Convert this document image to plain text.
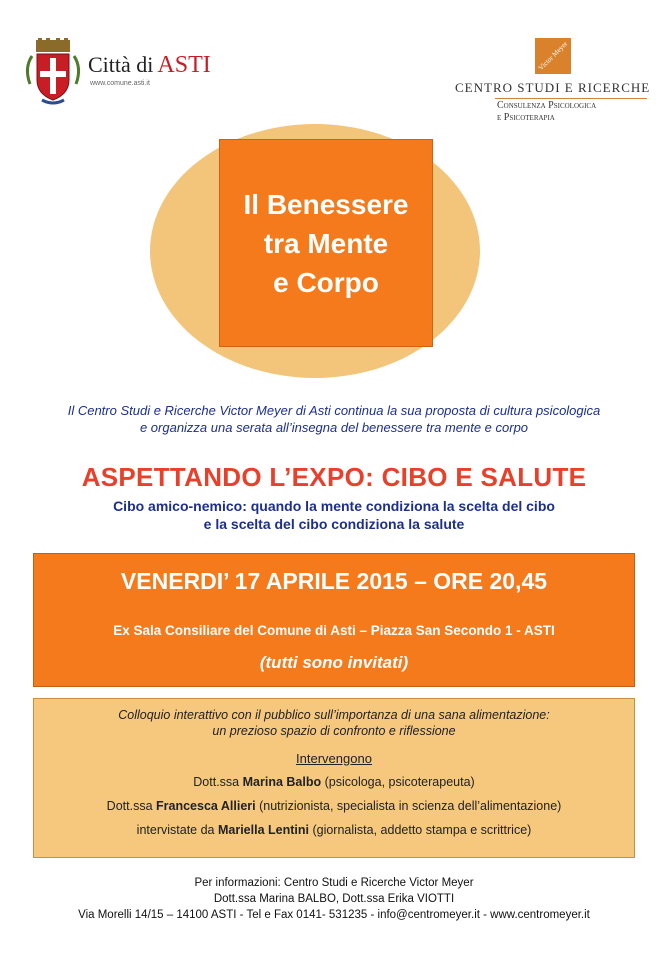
Città di ASTI
www.comune.asti.it
Victor Meyer
CENTRO STUDI E RICERCHE
Consulenza Psicologica
e Psicoterapia
Il Benessere
tra Mente
e Corpo
Il Centro Studi e Ricerche Victor Meyer di Asti continua la sua proposta di cultura psicologica
e organizza una serata all’insegna del benessere tra mente e corpo
ASPETTANDO L’EXPO: CIBO E SALUTE
Cibo amico-nemico: quando la mente condiziona la scelta del cibo
e la scelta del cibo condiziona la salute
VENERDI’ 17 APRILE 2015 – ORE 20,45
Ex Sala Consiliare del Comune di Asti – Piazza San Secondo 1 - ASTI
(tutti sono invitati)
Colloquio interattivo con il pubblico sull’importanza di una sana alimentazione:
un prezioso spazio di confronto e riflessione
Intervengono
Dott.ssa Marina Balbo (psicologa, psicoterapeuta)
Dott.ssa Francesca Allieri (nutrizionista, specialista in scienza dell’alimentazione)
intervistate da Mariella Lentini (giornalista, addetto stampa e scrittrice)
Per informazioni: Centro Studi e Ricerche Victor Meyer
Dott.ssa Marina BALBO, Dott.ssa Erika VIOTTI
Via Morelli 14/15 – 14100 ASTI - Tel e Fax 0141- 531235 - info@centromeyer.it - www.centromeyer.it
